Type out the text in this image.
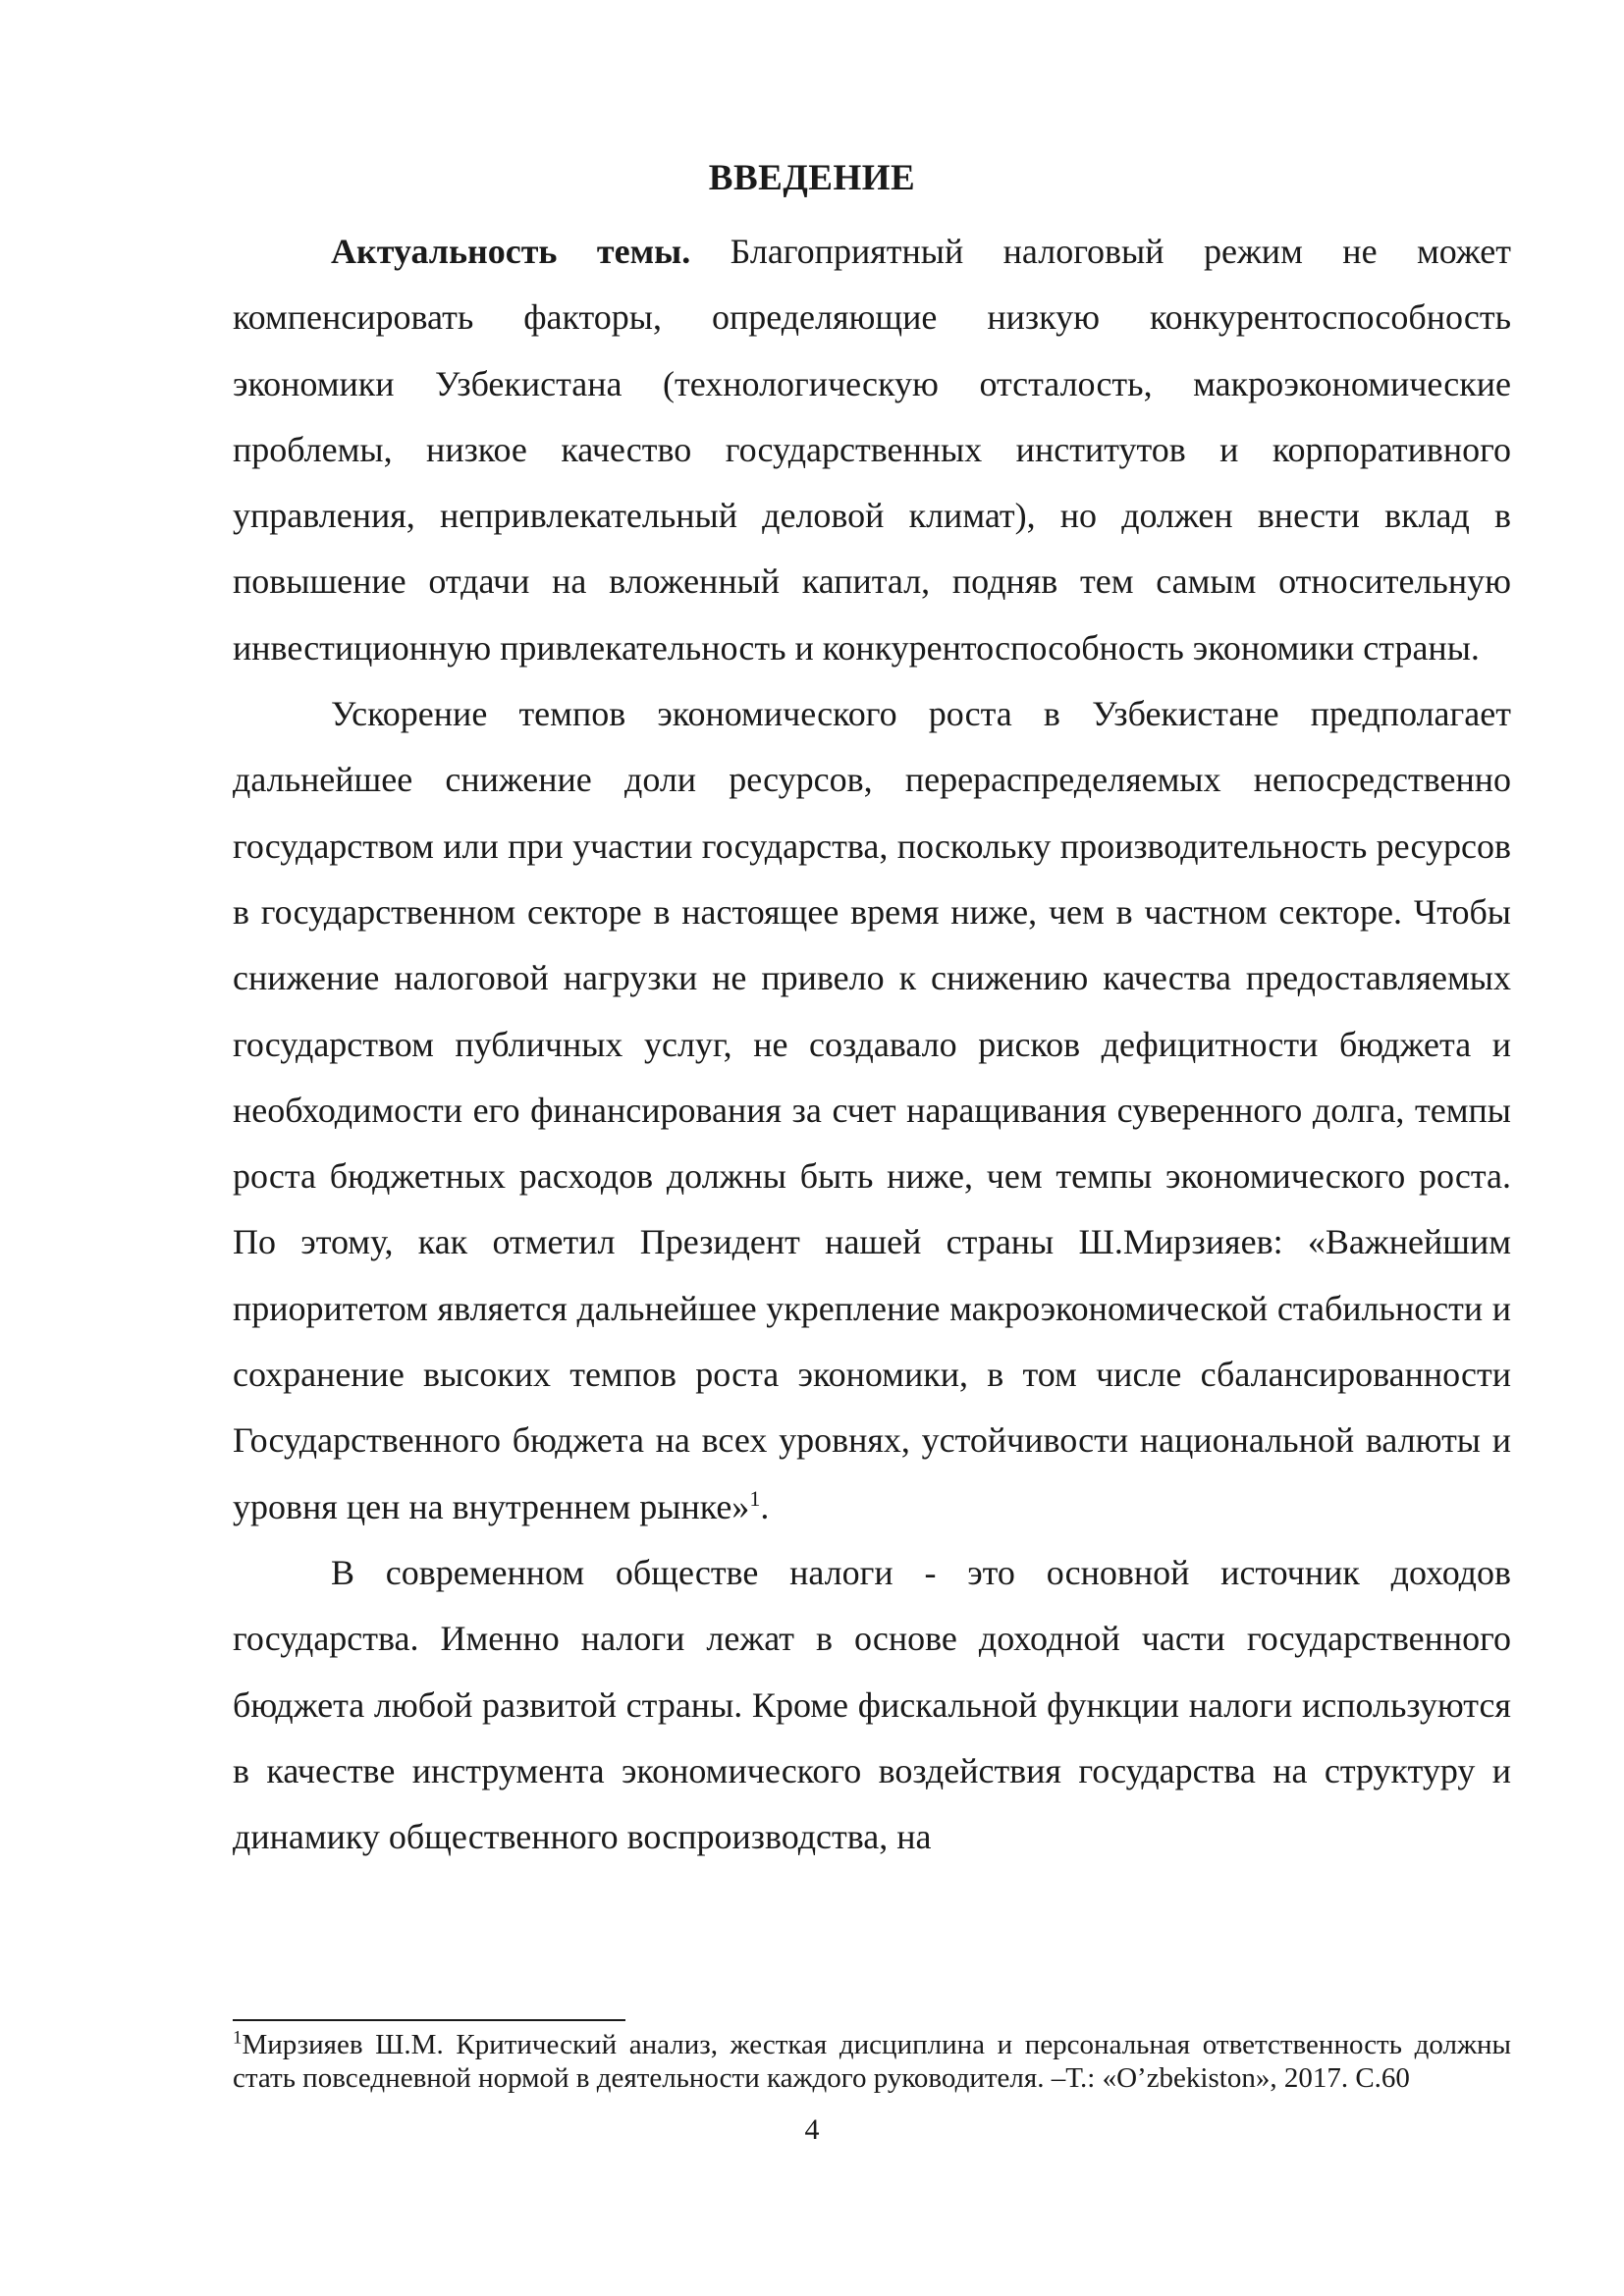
ВВЕДЕНИЕ

Актуальность темы. Благоприятный налоговый режим не может компенсировать факторы, определяющие низкую конкурентоспособность экономики Узбекистана (технологическую отсталость, макроэкономические проблемы, низкое качество государственных институтов и корпоративного управления, непривлекательный деловой климат), но должен внести вклад в повышение отдачи на вложенный капитал, подняв тем самым относительную инвестиционную привлекательность и конкурентоспособность экономики страны.

Ускорение темпов экономического роста в Узбекистане предполагает дальнейшее снижение доли ресурсов, перераспределяемых непосредственно государством или при участии государства, поскольку производительность ресурсов в государственном секторе в настоящее время ниже, чем в частном секторе. Чтобы снижение налоговой нагрузки не привело к снижению качества предоставляемых государством публичных услуг, не создавало рисков дефицитности бюджета и необходимости его финансирования за счет наращивания суверенного долга, темпы роста бюджетных расходов должны быть ниже, чем темпы экономического роста. По этому, как отметил Президент нашей страны Ш.Мирзияев: «Важнейшим приоритетом является дальнейшее укрепление макроэкономической стабильности и сохранение высоких темпов роста экономики, в том числе сбалансированности Государственного бюджета на всех уровнях, устойчивости национальной валюты и уровня цен на внутреннем рынке»$^1$.

В современном обществе налоги - это основной источник доходов государства. Именно налоги лежат в основе доходной части государственного бюджета любой развитой страны. Кроме фискальной функции налоги используются в качестве инструмента экономического воздействия государства на структуру и динамику общественного воспроизводства, на

$^1$Мирзияев Ш.М. Критический анализ, жесткая дисциплина и персональная ответственность должны стать повседневной нормой в деятельности каждого руководителя. –Т.: «O’zbekiston», 2017. С.60
4
